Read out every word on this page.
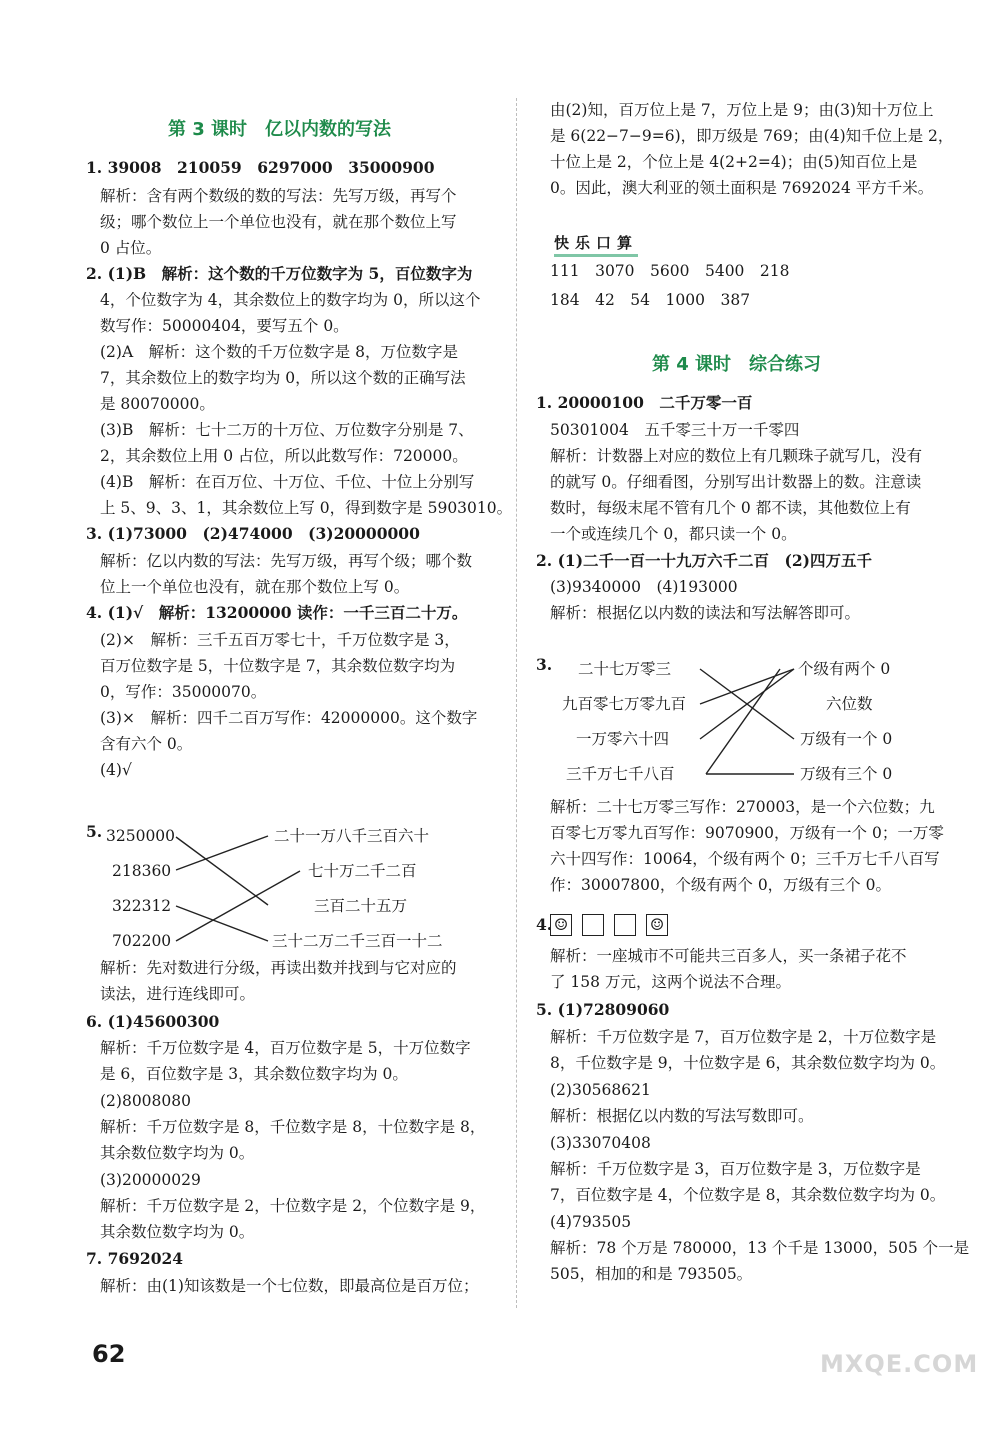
第 3 课时　亿以内数的写法
1. 39008　210059　6297000　35000900
解析：含有两个数级的数的写法：先写万级，再写个
级；哪个数位上一个单位也没有，就在那个数位上写
0 占位。
2. (1)B　解析：这个数的千万位数字为 5，百位数字为
4，个位数字为 4，其余数位上的数字均为 0，所以这个
数写作：50000404，要写五个 0。
(2)A　解析：这个数的千万位数字是 8，万位数字是
7，其余数位上的数字均为 0，所以这个数的正确写法
是 80070000。
(3)B　解析：七十二万的十万位、万位数字分别是 7、
2，其余数位上用 0 占位，所以此数写作：720000。
(4)B　解析：在百万位、十万位、千位、十位上分别写
上 5、9、3、1，其余数位上写 0，得到数字是 5903010。
3. (1)73000　(2)474000　(3)20000000
解析：亿以内数的写法：先写万级，再写个级；哪个数
位上一个单位也没有，就在那个数位上写 0。
4. (1)√　解析：13200000 读作：一千三百二十万。
(2)×　解析：三千五百万零七十，千万位数字是 3，
百万位数字是 5，十位数字是 7，其余数位数字均为
0，写作：35000070。
(3)×　解析：四千二百万写作：42000000。这个数字
含有六个 0。
(4)√
解析：先对数进行分级，再读出数并找到与它对应的
读法，进行连线即可。
6. (1)45600300
解析：千万位数字是 4，百万位数字是 5，十万位数字
是 6，百位数字是 3，其余数位数字均为 0。
(2)8008080
解析：千万位数字是 8，千位数字是 8，十位数字是 8，
其余数位数字均为 0。
(3)20000029
解析：千万位数字是 2，十位数字是 2，个位数字是 9，
其余数位数字均为 0。
7. 7692024
解析：由(1)知该数是一个七位数，即最高位是百万位；
5. 3250000
218360
322312
702200
二十一万八千三百六十
七十万二千二百
三百二十五万
三十二万二千三百一十二
62
由(2)知，百万位上是 7，万位上是 9；由(3)知十万位上
是 6(22−7−9=6)，即万级是 769；由(4)知千位上是 2，
十位上是 2，个位上是 4(2+2=4)；由(5)知百位上是
0。因此，澳大利亚的领土面积是 7692024 平方千米。
111　3070　5600　5400　218
184　42　54　1000　387
1. 20000100　二千万零一百
50301004　五千零三十万一千零四
解析：计数器上对应的数位上有几颗珠子就写几，没有
的就写 0。仔细看图，分别写出计数器上的数。注意读
数时，每级末尾不管有几个 0 都不读，其他数位上有
一个或连续几个 0，都只读一个 0。
2. (1)二千一百一十九万六千二百　(2)四万五千
(3)9340000　(4)193000
解析：根据亿以内数的读法和写法解答即可。
解析：二十七万零三写作：270003，是一个六位数；九
百零七万零九百写作：9070900，万级有一个 0；一万零
六十四写作：10064，个级有两个 0；三千万七千八百写
作：30007800，个级有两个 0，万级有三个 0。
解析：一座城市不可能共三百多人，买一条裙子花不
了 158 万元，这两个说法不合理。
5. (1)72809060
解析：千万位数字是 7，百万位数字是 2，十万位数字是
8，千位数字是 9，十位数字是 6，其余数位数字均为 0。
(2)30568621
解析：根据亿以内数的写法写数即可。
(3)33070408
解析：千万位数字是 3，百万位数字是 3，万位数字是
7，百位数字是 4，个位数字是 8，其余数位数字均为 0。
(4)793505
解析：78 个万是 780000，13 个千是 13000，505 个一是
505，相加的和是 793505。
快乐口算
第 4 课时　综合练习
3. 二十七万零三
九百零七万零九百
一万零六十四
三千万七千八百
个级有两个 0
六位数
万级有一个 0
万级有三个 0
4. ☺	☺
MXQE.COM
